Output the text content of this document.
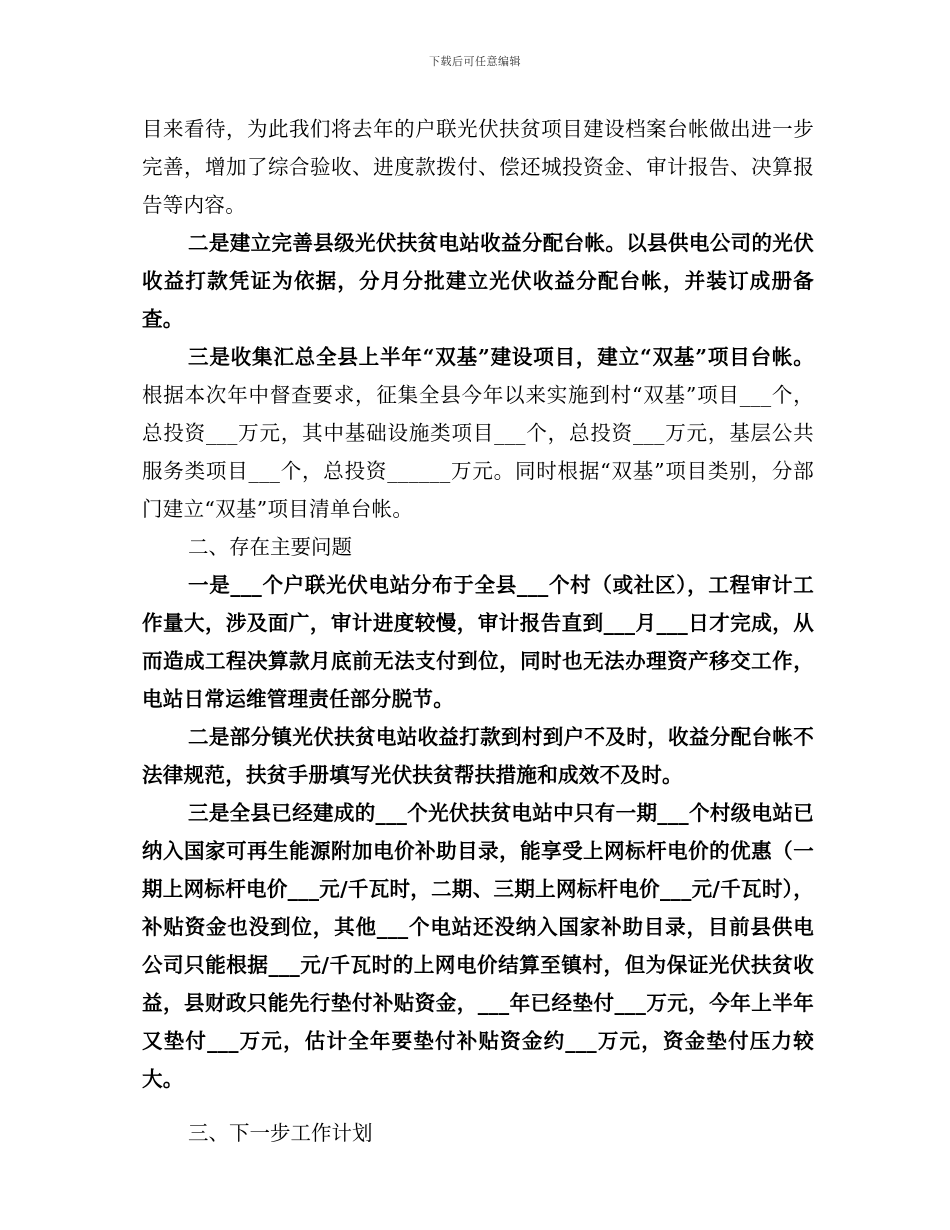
下载后可任意编辑

目来看待，为此我们将去年的户联光伏扶贫项目建设档案台帐做出进一步完善，增加了综合验收、进度款拨付、偿还城投资金、审计报告、决算报告等内容。

二是建立完善县级光伏扶贫电站收益分配台帐。以县供电公司的光伏收益打款凭证为依据，分月分批建立光伏收益分配台帐，并装订成册备查。

三是收集汇总全县上半年“双基”建设项目，建立“双基”项目台帐。根据本次年中督查要求，征集全县今年以来实施到村“双基”项目___个，总投资___万元，其中基础设施类项目___个，总投资___万元，基层公共服务类项目___个，总投资______万元。同时根据“双基”项目类别，分部门建立“双基”项目清单台帐。

二、存在主要问题

一是___个户联光伏电站分布于全县___个村（或社区），工程审计工作量大，涉及面广，审计进度较慢，审计报告直到___月___日才完成，从而造成工程决算款月底前无法支付到位，同时也无法办理资产移交工作，电站日常运维管理责任部分脱节。

二是部分镇光伏扶贫电站收益打款到村到户不及时，收益分配台帐不法律规范，扶贫手册填写光伏扶贫帮扶措施和成效不及时。

三是全县已经建成的___个光伏扶贫电站中只有一期___个村级电站已纳入国家可再生能源附加电价补助目录，能享受上网标杆电价的优惠（一期上网标杆电价___元/千瓦时，二期、三期上网标杆电价___元/千瓦时），补贴资金也没到位，其他___个电站还没纳入国家补助目录，目前县供电公司只能根据___元/千瓦时的上网电价结算至镇村，但为保证光伏扶贫收益，县财政只能先行垫付补贴资金，___年已经垫付___万元，今年上半年又垫付___万元，估计全年要垫付补贴资金约___万元，资金垫付压力较大。

三、下一步工作计划
